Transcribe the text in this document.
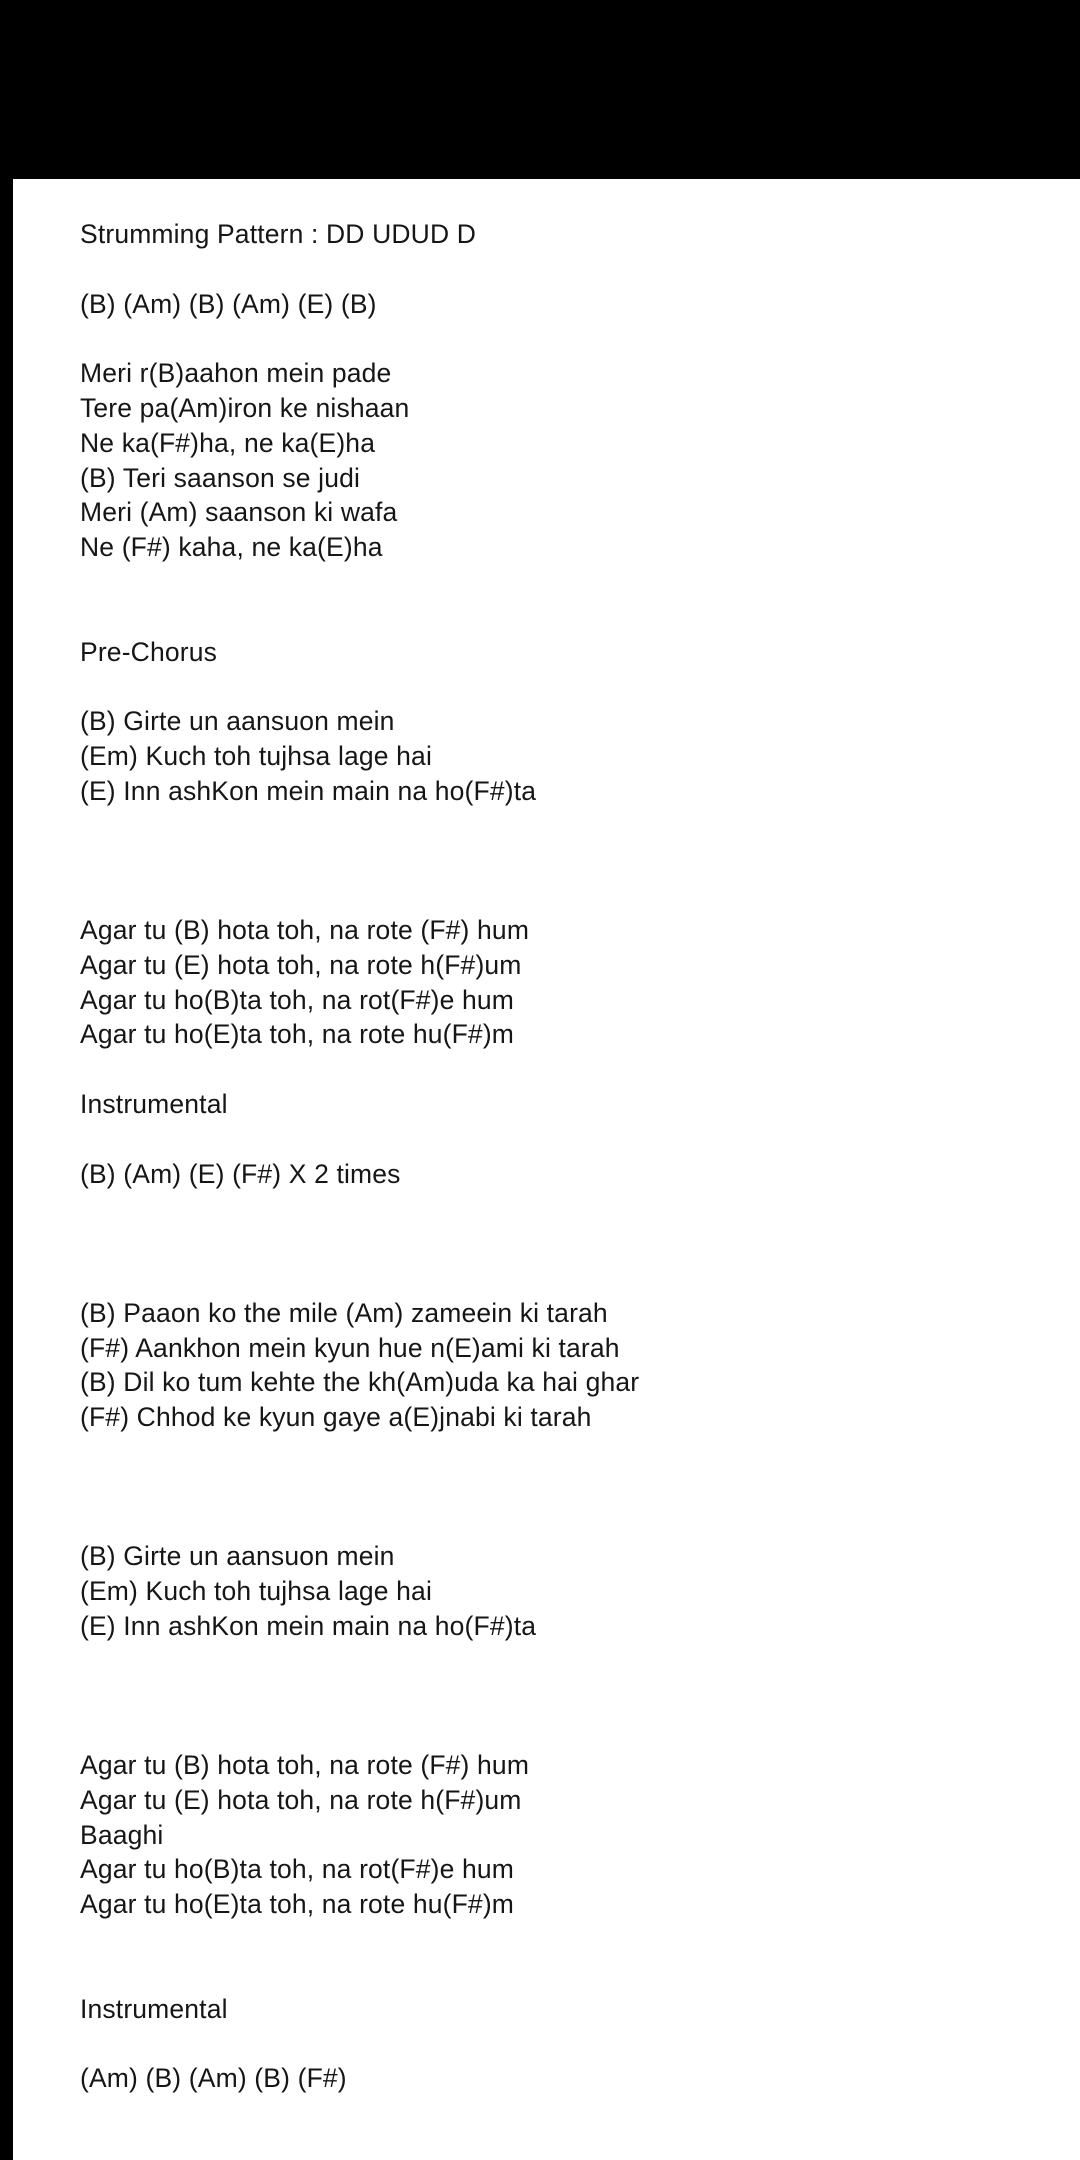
Strumming Pattern : DD UDUD D
(B) (Am) (B) (Am) (E) (B)
Meri r(B)aahon mein pade
Tere pa(Am)iron ke nishaan
Ne ka(F#)ha, ne ka(E)ha
(B) Teri saanson se judi
Meri (Am) saanson ki wafa
Ne (F#) kaha, ne ka(E)ha
Pre-Chorus
(B) Girte un aansuon mein
(Em) Kuch toh tujhsa lage hai
(E) Inn ashKon mein main na ho(F#)ta
Agar tu (B) hota toh, na rote (F#) hum
Agar tu (E) hota toh, na rote h(F#)um
Agar tu ho(B)ta toh, na rot(F#)e hum
Agar tu ho(E)ta toh, na rote hu(F#)m
Instrumental
(B) (Am) (E) (F#) X 2 times
(B) Paaon ko the mile (Am) zameein ki tarah
(F#) Aankhon mein kyun hue n(E)ami ki tarah
(B) Dil ko tum kehte the kh(Am)uda ka hai ghar
(F#) Chhod ke kyun gaye a(E)jnabi ki tarah
(B) Girte un aansuon mein
(Em) Kuch toh tujhsa lage hai
(E) Inn ashKon mein main na ho(F#)ta
Agar tu (B) hota toh, na rote (F#) hum
Agar tu (E) hota toh, na rote h(F#)um
Baaghi
Agar tu ho(B)ta toh, na rot(F#)e hum
Agar tu ho(E)ta toh, na rote hu(F#)m
Instrumental
(Am) (B) (Am) (B) (F#)
